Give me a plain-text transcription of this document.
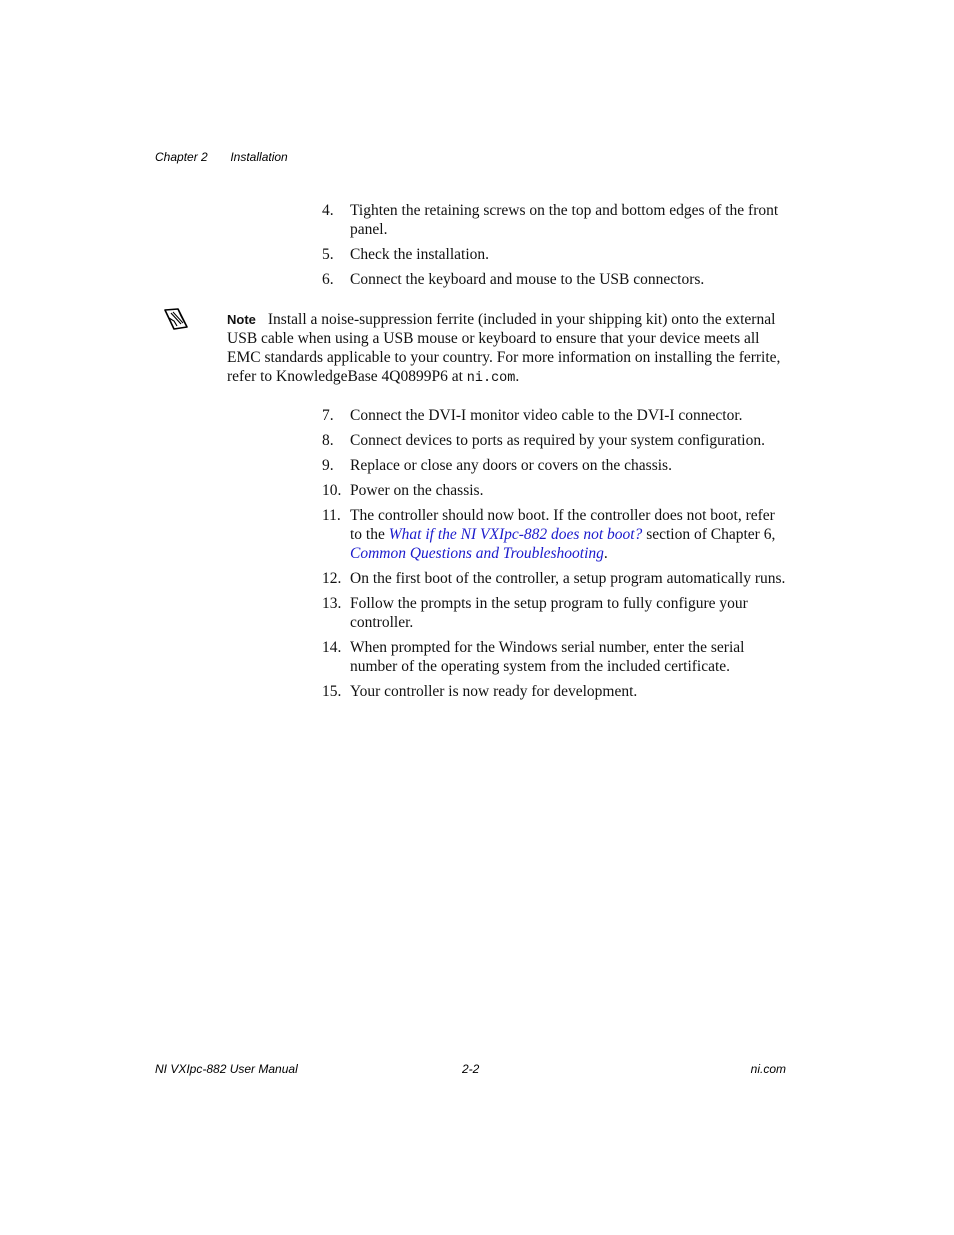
Chapter 2 Installation
4.	Tighten the retaining screws on the top and bottom edges of the front panel.
5.	Check the installation.
6.	Connect the keyboard and mouse to the USB connectors.
Note Install a noise-suppression ferrite (included in your shipping kit) onto the external USB cable when using a USB mouse or keyboard to ensure that your device meets all EMC standards applicable to your country. For more information on installing the ferrite, refer to KnowledgeBase 4Q0899P6 at ni.com.
7.	Connect the DVI-I monitor video cable to the DVI-I connector.
8.	Connect devices to ports as required by your system configuration.
9.	Replace or close any doors or covers on the chassis.
10. Power on the chassis.
11. The controller should now boot. If the controller does not boot, refer to the What if the NI VXIpc-882 does not boot? section of Chapter 6, Common Questions and Troubleshooting.
12. On the first boot of the controller, a setup program automatically runs.
13. Follow the prompts in the setup program to fully configure your controller.
14. When prompted for the Windows serial number, enter the serial number of the operating system from the included certificate.
15. Your controller is now ready for development.
NI VXIpc-882 User Manual	2-2	ni.com
